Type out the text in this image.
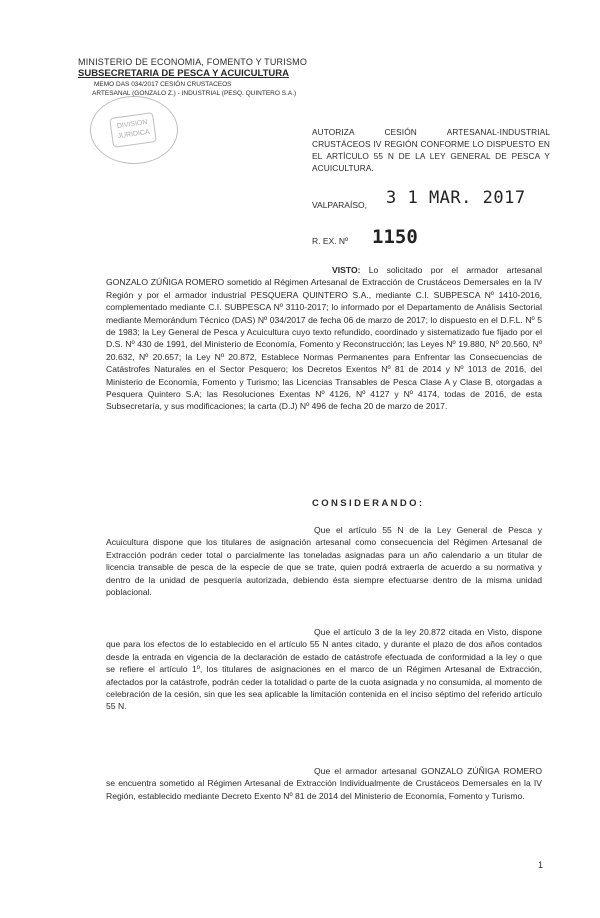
MINISTERIO DE ECONOMIA, FOMENTO Y TURISMO
SUBSECRETARIA DE PESCA Y ACUICULTURA
MEMO DAS 034/2017 CESIÓN CRUSTACEOS
ARTESANAL (GONZALO Z.) - INDUSTRIAL (PESQ. QUINTERO S.A.)
DIVISION JURIDICA	AUTORIZA CESIÓN ARTESANAL-INDUSTRIAL CRUSTÁCEOS IV REGIÓN CONFORME LO DISPUESTO EN EL ARTÍCULO 55 N DE LA LEY GENERAL DE PESCA Y ACUICULTURA.
VALPARAÍSO, 3 1 MAR. 2017
R. EX. Nº 1150

VISTO: Lo solicitado por el armador artesanal GONZALO ZÚÑIGA ROMERO sometido al Régimen Artesanal de Extracción de Crustáceos Demersales en la IV Región y por el armador industrial PESQUERA QUINTERO S.A., mediante C.I. SUBPESCA Nº 1410-2016, complementado mediante C.I. SUBPESCA Nº 3110-2017; lo informado por el Departamento de Análisis Sectorial mediante Memorándum Técnico (DAS) Nº 034/2017 de fecha 06 de marzo de 2017; lo dispuesto en el D.F.L. Nº 5 de 1983; la Ley General de Pesca y Acuicultura cuyo texto refundido, coordinado y sistematizado fue fijado por el D.S. Nº 430 de 1991, del Ministerio de Economía, Fomento y Reconstrucción; las Leyes Nº 19.880, Nº 20.560, Nº 20.632, Nº 20.657; la Ley Nº 20.872, Establece Normas Permanentes para Enfrentar las Consecuencias de Catástrofes Naturales en el Sector Pesquero; los Decretos Exentos Nº 81 de 2014 y Nº 1013 de 2016, del Ministerio de Economía, Fomento y Turismo; las Licencias Transables de Pesca Clase A y Clase B, otorgadas a Pesquera Quintero S.A; las Resoluciones Exentas Nº 4126, Nº 4127 y Nº 4174, todas de 2016, de esta Subsecretaría, y sus modificaciones; la carta (D.J) Nº 496 de fecha 20 de marzo de 2017.

CONSIDERANDO:

Que el artículo 55 N de la Ley General de Pesca y Acuicultura dispone que los titulares de asignación artesanal como consecuencia del Régimen Artesanal de Extracción podrán ceder total o parcialmente las toneladas asignadas para un año calendario a un titular de licencia transable de pesca de la especie de que se trate, quien podrá extraerla de acuerdo a su normativa y dentro de la unidad de pesquería autorizada, debiendo ésta siempre efectuarse dentro de la misma unidad poblacional.

Que el artículo 3 de la ley 20.872 citada en Visto, dispone que para los efectos de lo establecido en el artículo 55 N antes citado, y durante el plazo de dos años contados desde la entrada en vigencia de la declaración de estado de catástrofe efectuada de conformidad a la ley o que se refiere el artículo 1º, los titulares de asignaciones en el marco de un Régimen Artesanal de Extracción, afectados por la catástrofe, podrán ceder la totalidad o parte de la cuota asignada y no consumida, al momento de celebración de la cesión, sin que les sea aplicable la limitación contenida en el inciso séptimo del referido artículo 55 N.

Que el armador artesanal GONZALO ZÚÑIGA ROMERO se encuentra sometido al Régimen Artesanal de Extracción Individualmente de Crustáceos Demersales en la IV Región, establecido mediante Decreto Exento Nº 81 de 2014 del Ministerio de Economía, Fomento y Turismo.

1
